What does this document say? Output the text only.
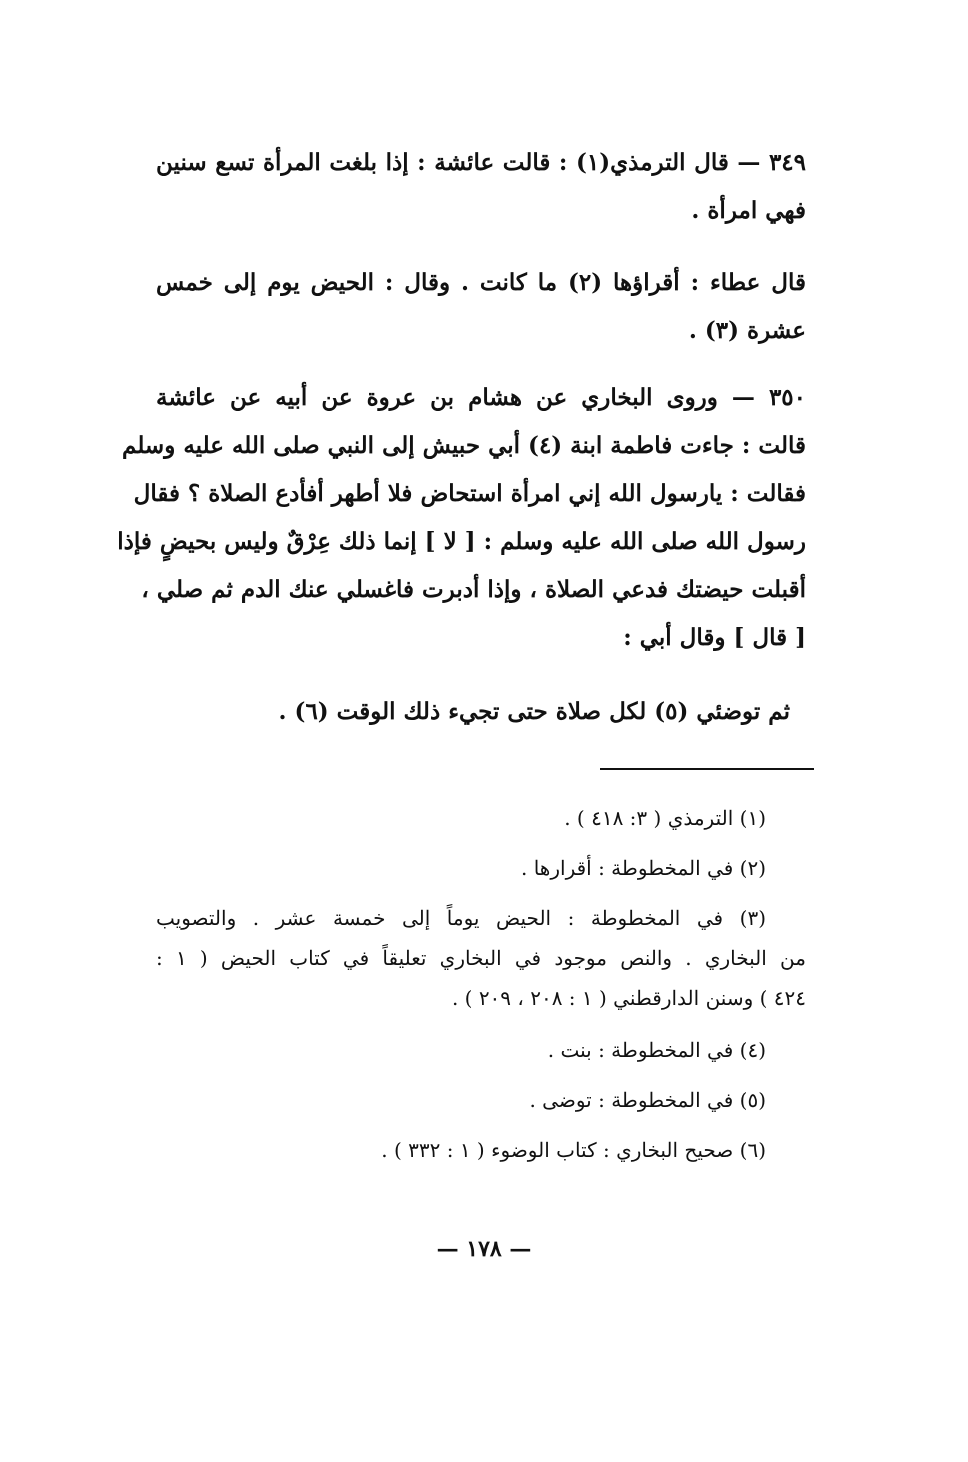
٣٤٩ — قال الترمذي(١) : قالت عائشة : إذا بلغت المرأة تسع سنين
فهي امرأة .
قال عطاء : أقراؤها (٢) ما كانت . وقال : الحيض يوم إلى خمس
عشرة (٣) .
٣٥٠ — وروى البخاري عن هشام بن عروة عن أبيه عن عائشة
قالت : جاءت فاطمة ابنة (٤) أبي حبيش إلى النبي صلى الله عليه وسلم
فقالت : يارسول الله إني امرأة استحاض فلا أطهر أفأدع الصلاة ؟ فقال
رسول الله صلى الله عليه وسلم : [ لا ] إنما ذلك عِرْقٌ وليس بحيضٍ فإذا
أقبلت حيضتك فدعي الصلاة ، وإذا أدبرت فاغسلي عنك الدم ثم صلي ،
[ قال ] وقال أبي :
ثم توضئي (٥) لكل صلاة حتى تجيء ذلك الوقت (٦) .
(١) الترمذي ( ٣: ٤١٨ ) .
(٢) في المخطوطة : أقرارها .
(٣) في المخطوطة : الحيض يوماً إلى خمسة عشر . والتصويب
من البخاري . والنص موجود في البخاري تعليقاً في كتاب الحيض ( ١ :
٤٢٤ ) وسنن الدارقطني ( ١ : ٢٠٨ ، ٢٠٩ ) .
(٤) في المخطوطة : بنت .
(٥) في المخطوطة : توضى .
(٦) صحيح البخاري : كتاب الوضوء ( ١ : ٣٣٢ ) .
— ١٧٨ —
